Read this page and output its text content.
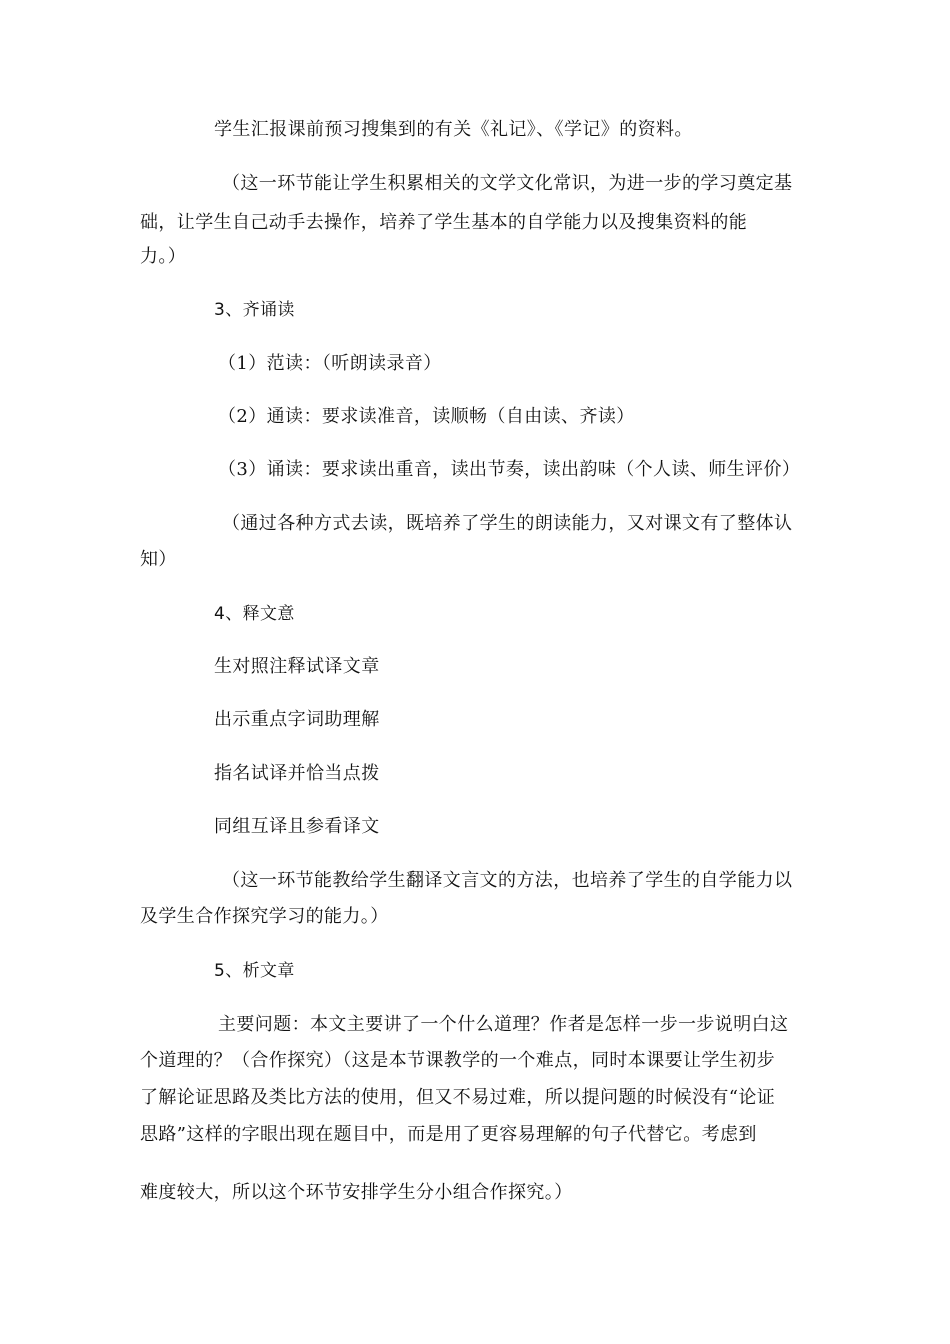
学生汇报课前预习搜集到的有关《礼记》、《学记》的资料。
（这一环节能让学生积累相关的文学文化常识，为进一步的学习奠定基
础，让学生自己动手去操作，培养了学生基本的自学能力以及搜集资料的能
力。）
3、齐诵读
（1）范读：（听朗读录音）
（2）通读：要求读准音，读顺畅（自由读、齐读）
（3）诵读：要求读出重音，读出节奏，读出韵味（个人读、师生评价）
（通过各种方式去读，既培养了学生的朗读能力，又对课文有了整体认
知）
4、释文意
生对照注释试译文章
出示重点字词助理解
指名试译并恰当点拨
同组互译且参看译文
（这一环节能教给学生翻译文言文的方法，也培养了学生的自学能力以
及学生合作探究学习的能力。）
5、析文章
主要问题：本文主要讲了一个什么道理？作者是怎样一步一步说明白这
个道理的？（合作探究）（这是本节课教学的一个难点，同时本课要让学生初步
了解论证思路及类比方法的使用，但又不易过难，所以提问题的时候没有“论证
思路”这样的字眼出现在题目中，而是用了更容易理解的句子代替它。考虑到
难度较大，所以这个环节安排学生分小组合作探究。）
